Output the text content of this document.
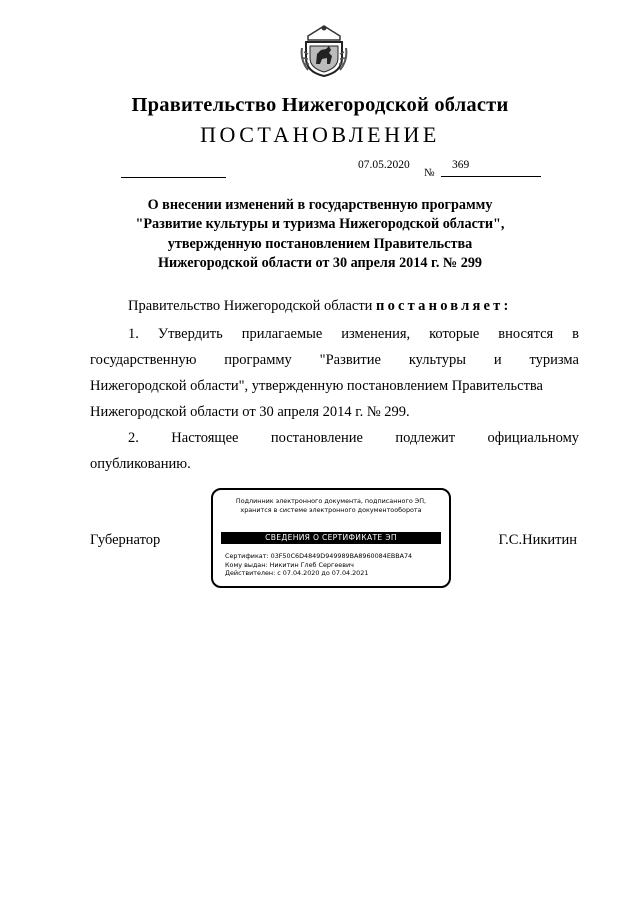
Правительство Нижегородской области
ПОСТАНОВЛЕНИЕ
07.05.2020
№
369
О внесении изменений в государственную программу
"Развитие культуры и туризма Нижегородской области",
утвержденную постановлением Правительства
Нижегородской области от 30 апреля 2014 г. № 299
Правительство Нижегородской области постановляет:
1. Утвердить прилагаемые изменения, которые вносятся в
государственную программу "Развитие культуры и туризма
Нижегородской области", утвержденную постановлением Правительства
Нижегородской области от 30 апреля 2014 г. № 299.
2. Настоящее постановление подлежит официальному
опубликованию.
Губернатор
Подлинник электронного документа, подписанного ЭП,
хранится в системе электронного документооборота
СВЕДЕНИЯ О СЕРТИФИКАТЕ ЭП
Сертификат: 03F50C6D4849D949989BA8960084EBBA74
Кому выдан: Никитин Глеб Сергеевич
Действителен: с 07.04.2020 до 07.04.2021
Г.С.Никитин
